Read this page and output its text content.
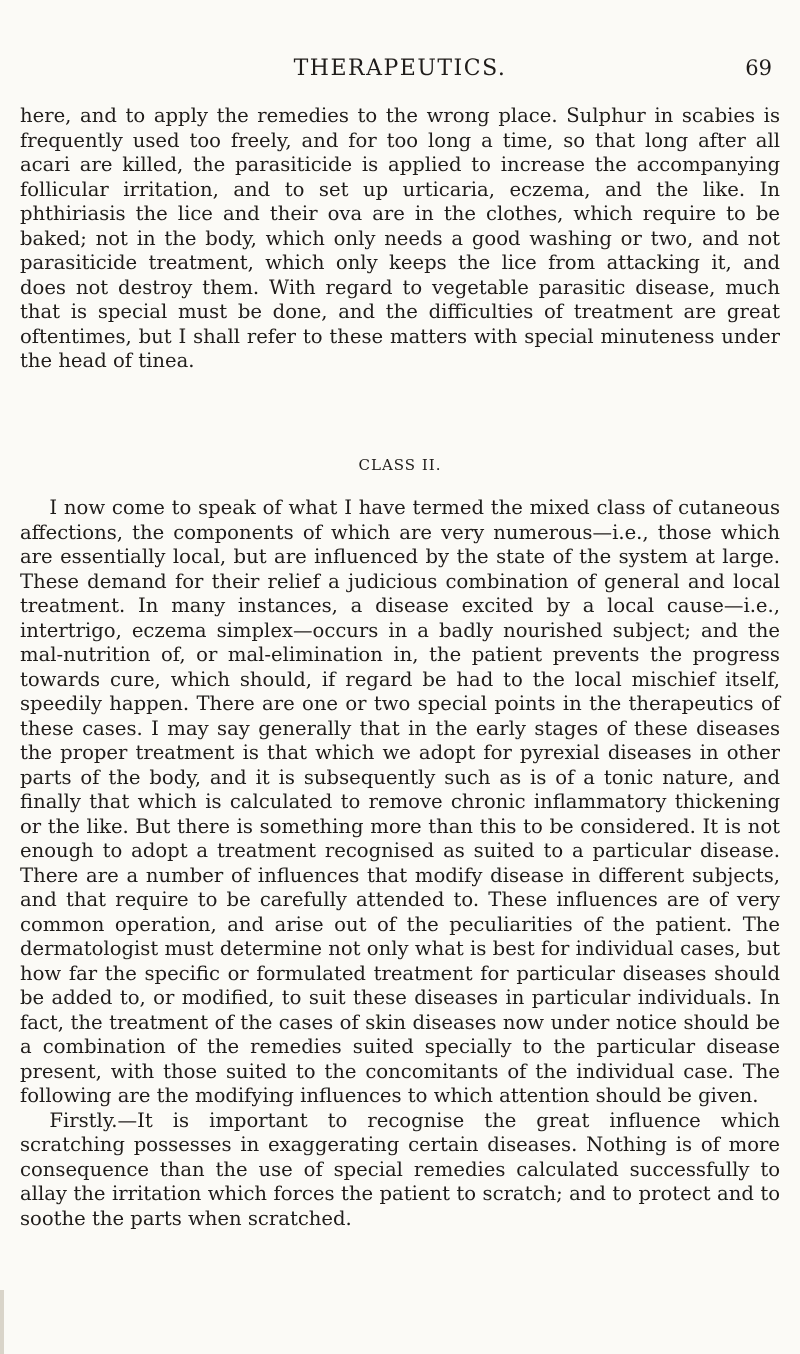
THERAPEUTICS.	69

here, and to apply the remedies to the wrong place. Sulphur in scabies is frequently used too freely, and for too long a time, so that long after all acari are killed, the parasiticide is applied to increase the accompanying follicular irritation, and to set up urticaria, eczema, and the like. In phthiriasis the lice and their ova are in the clothes, which require to be baked; not in the body, which only needs a good washing or two, and not parasiticide treatment, which only keeps the lice from attacking it, and does not destroy them. With regard to vegetable parasitic disease, much that is special must be done, and the difficulties of treatment are great oftentimes, but I shall refer to these matters with special minuteness under the head of tinea.

CLASS II.

I now come to speak of what I have termed the mixed class of cutaneous affections, the components of which are very numerous—i.e., those which are essentially local, but are influenced by the state of the system at large. These demand for their relief a judicious combination of general and local treatment. In many instances, a disease excited by a local cause—i.e., intertrigo, eczema simplex—occurs in a badly nourished subject; and the mal-nutrition of, or mal-elimination in, the patient prevents the progress towards cure, which should, if regard be had to the local mischief itself, speedily happen. There are one or two special points in the therapeutics of these cases. I may say generally that in the early stages of these diseases the proper treatment is that which we adopt for pyrexial diseases in other parts of the body, and it is subsequently such as is of a tonic nature, and finally that which is calculated to remove chronic inflammatory thickening or the like. But there is something more than this to be considered. It is not enough to adopt a treatment recognised as suited to a particular disease. There are a number of influences that modify disease in different subjects, and that require to be carefully attended to. These influences are of very common operation, and arise out of the peculiarities of the patient. The dermatologist must determine not only what is best for individual cases, but how far the specific or formulated treatment for particular diseases should be added to, or modified, to suit these diseases in particular individuals. In fact, the treatment of the cases of skin diseases now under notice should be a combination of the remedies suited specially to the particular disease present, with those suited to the concomitants of the individual case. The following are the modifying influences to which attention should be given.

Firstly.—It is important to recognise the great influence which scratching possesses in exaggerating certain diseases. Nothing is of more consequence than the use of special remedies calculated successfully to allay the irritation which forces the patient to scratch; and to protect and to soothe the parts when scratched.
